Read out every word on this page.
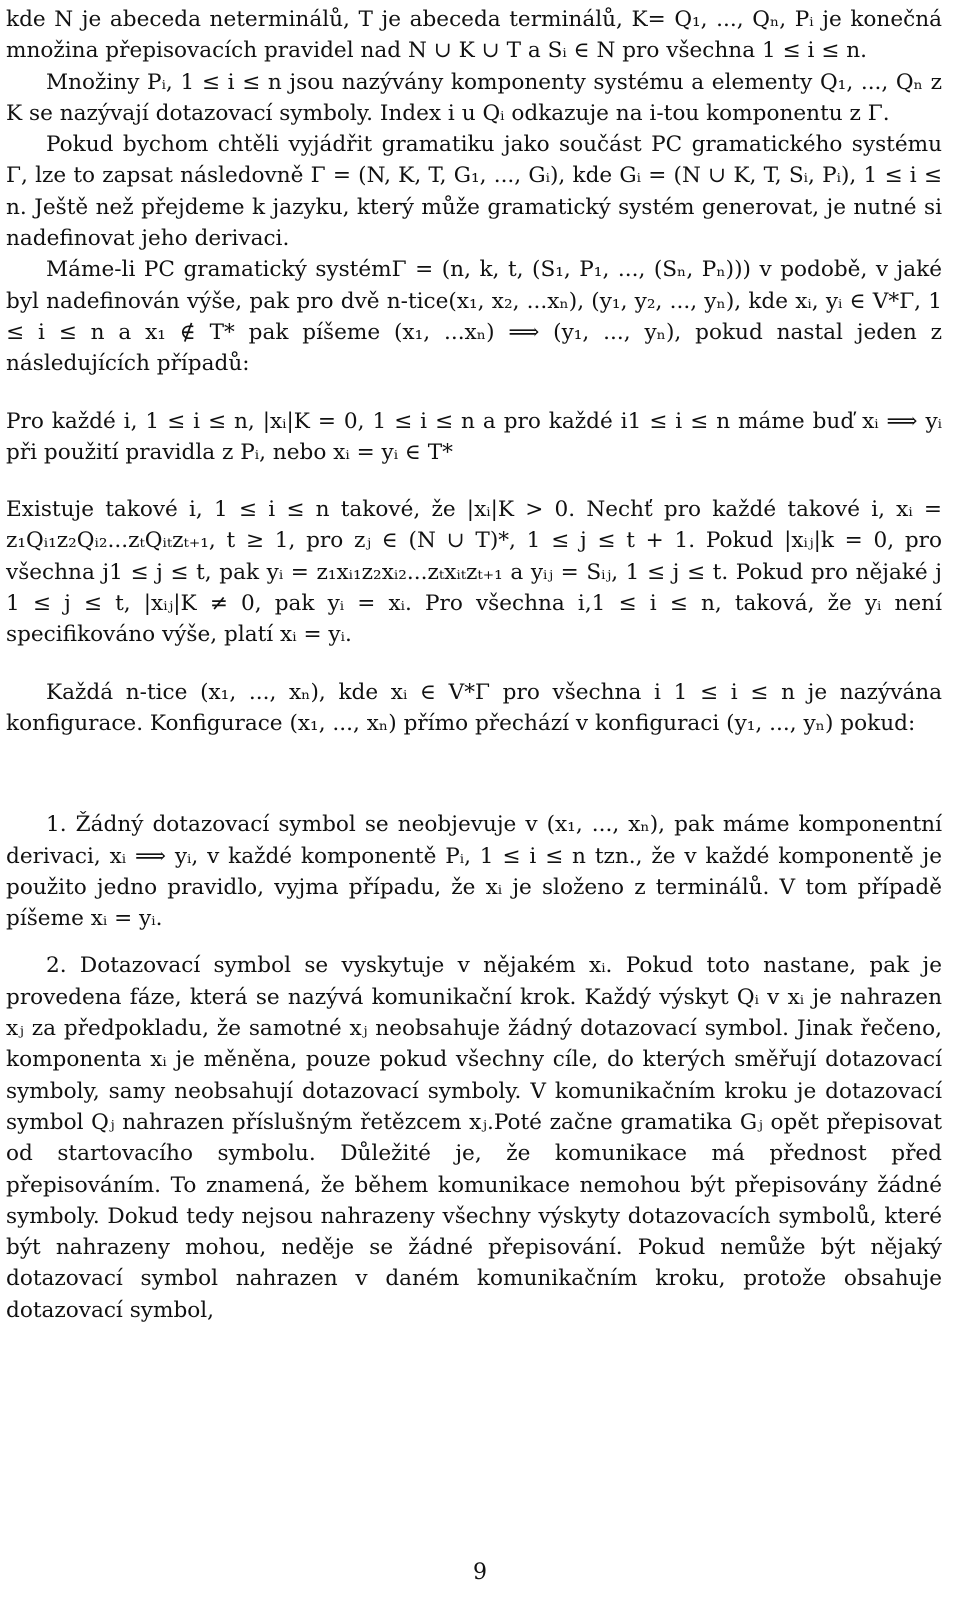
kde N je abeceda neterminálů, T je abeceda terminálů, K= Q₁, ..., Qₙ, Pᵢ je konečná množina přepisovacích pravidel nad N ∪ K ∪ T a Sᵢ ∈ N pro všechna 1 ≤ i ≤ n.

Množiny Pᵢ, 1 ≤ i ≤ n jsou nazývány komponenty systému a elementy Q₁, ..., Qₙ z K se nazývají dotazovací symboly. Index i u Qᵢ odkazuje na i-tou komponentu z Γ.

Pokud bychom chtěli vyjádřit gramatiku jako součást PC gramatického systému Γ, lze to zapsat následovně Γ = (N, K, T, G₁, ..., Gᵢ), kde Gᵢ = (N ∪ K, T, Sᵢ, Pᵢ), 1 ≤ i ≤ n. Ještě než přejdeme k jazyku, který může gramatický systém generovat, je nutné si nadefinovat jeho derivaci.

Máme-li PC gramatický systémΓ = (n, k, t, (S₁, P₁, ..., (Sₙ, Pₙ))) v podobě, v jaké byl nadefinován výše, pak pro dvě n-tice(x₁, x₂, ...xₙ), (y₁, y₂, ..., yₙ), kde xᵢ, yᵢ ∈ V*Γ, 1 ≤ i ≤ n a x₁ ∉ T* pak píšeme (x₁, ...xₙ) ⟹ (y₁, ..., yₙ), pokud nastal jeden z následujících případů:

Pro každé i, 1 ≤ i ≤ n, |xᵢ|K = 0, 1 ≤ i ≤ n a pro každé i1 ≤ i ≤ n máme buď xᵢ ⟹ yᵢ při použití pravidla z Pᵢ, nebo xᵢ = yᵢ ∈ T*

Existuje takové i, 1 ≤ i ≤ n takové, že |xᵢ|K > 0. Nechť pro každé takové i, xᵢ = z₁Qᵢ₁z₂Qᵢ₂...zₜQᵢₜzₜ₊₁, t ≥ 1, pro zⱼ ∈ (N ∪ T)*, 1 ≤ j ≤ t + 1. Pokud |xᵢⱼ|k = 0, pro všechna j1 ≤ j ≤ t, pak yᵢ = z₁xᵢ₁z₂xᵢ₂...zₜxᵢₜzₜ₊₁ a yᵢⱼ = Sᵢⱼ, 1 ≤ j ≤ t. Pokud pro nějaké j 1 ≤ j ≤ t, |xᵢⱼ|K ≠ 0, pak yᵢ = xᵢ. Pro všechna i,1 ≤ i ≤ n, taková, že yᵢ není specifikováno výše, platí xᵢ = yᵢ.

Každá n-tice (x₁, ..., xₙ), kde xᵢ ∈ V*Γ pro všechna i 1 ≤ i ≤ n je nazývána konfigurace. Konfigurace (x₁, ..., xₙ) přímo přechází v konfiguraci (y₁, ..., yₙ) pokud:

1. Žádný dotazovací symbol se neobjevuje v (x₁, ..., xₙ), pak máme komponentní derivaci, xᵢ ⟹ yᵢ, v každé komponentě Pᵢ, 1 ≤ i ≤ n tzn., že v každé komponentě je použito jedno pravidlo, vyjma případu, že xᵢ je složeno z terminálů. V tom případě píšeme xᵢ = yᵢ.

2. Dotazovací symbol se vyskytuje v nějakém xᵢ. Pokud toto nastane, pak je provedena fáze, která se nazývá komunikační krok. Každý výskyt Qᵢ v xᵢ je nahrazen xⱼ za předpokladu, že samotné xⱼ neobsahuje žádný dotazovací symbol. Jinak řečeno, komponenta xᵢ je měněna, pouze pokud všechny cíle, do kterých směřují dotazovací symboly, samy neobsahují dotazovací symboly. V komunikačním kroku je dotazovací symbol Qⱼ nahrazen příslušným řetězcem xⱼ.Poté začne gramatika Gⱼ opět přepisovat od startovacího symbolu. Důležité je, že komunikace má přednost před přepisováním. To znamená, že během komunikace nemohou být přepisovány žádné symboly. Dokud tedy nejsou nahrazeny všechny výskyty dotazovacích symbolů, které být nahrazeny mohou, neděje se žádné přepisování. Pokud nemůže být nějaký dotazovací symbol nahrazen v daném komunikačním kroku, protože obsahuje dotazovací symbol,

9
